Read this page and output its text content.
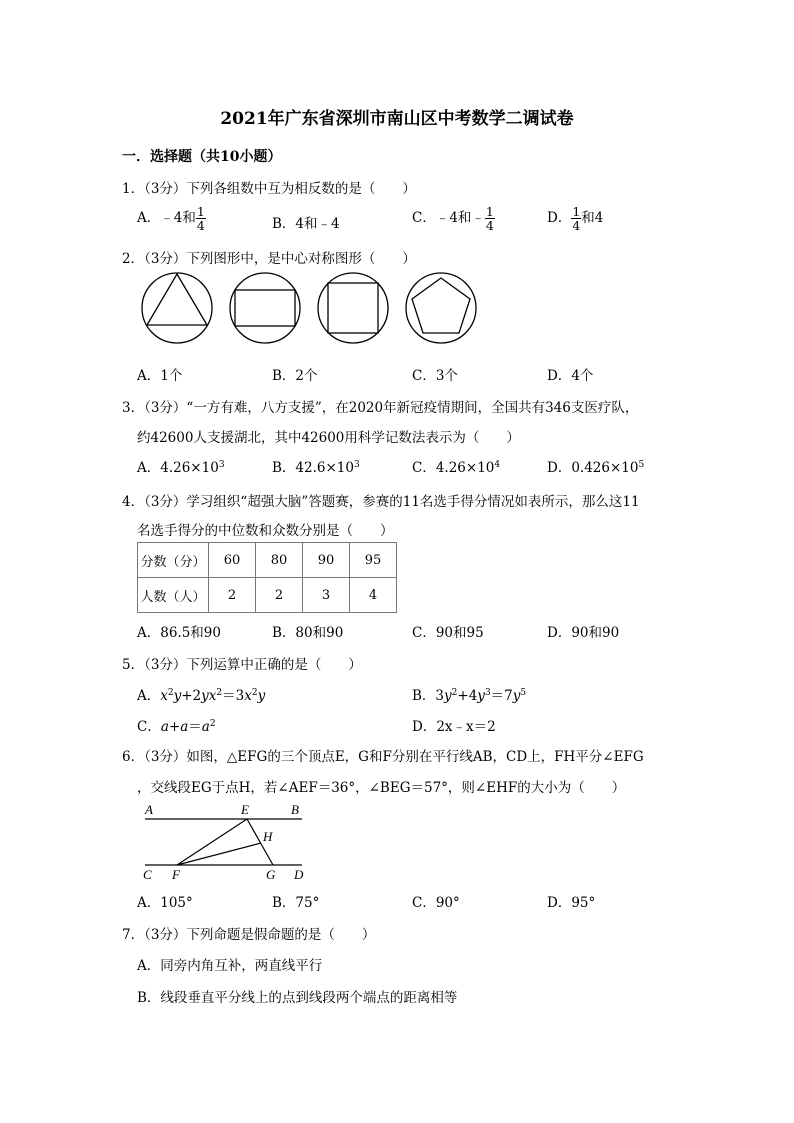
2021年广东省深圳市南山区中考数学二调试卷
一．选择题（共10小题）
1．（3分）下列各组数中互为相反数的是（　　）
A．﹣4和 $\frac{1}{4}$	B．4和﹣4	C．﹣4和﹣ $\frac{1}{4}$	D． $\frac{1}{4}$ 和4
2．（3分）下列图形中，是中心对称图形（　　）
A．1个	B．2个	C．3个	D．4个
3．（3分）“一方有难，八方支援”，在2020年新冠疫情期间，全国共有346支医疗队，
约42600人支援湖北，其中42600用科学记数法表示为（　　）
A．$4.26\times 10^3$	B．$42.6\times 10^3$	C．$4.26\times 10^4$	D．$0.426\times 10^5$
4．（3分）学习组织“超强大脑”答题赛，参赛的11名选手得分情况如表所示，那么这11
名选手得分的中位数和众数分别是（　　）
分数（分）	60	80	90	95
人数（人）	2	2	3	4
A．86.5和90	B．80和90	C．90和95	D．90和90
5．（3分）下列运算中正确的是（　　）
A．$x^2y+2yx^2=3x^2y$	B．$3y^2+4y^3=7y^5$
C．$a+a=a^2$	D．2x﹣x＝2
6．（3分）如图，△EFG的三个顶点E，G和F分别在平行线AB，CD上，FH平分∠EFG
，交线段EG于点H，若∠AEF＝36°，∠BEG＝57°，则∠EHF的大小为（　　）
A	E	B
H
C F	G D
A．105°	B．75°	C．90°	D．95°
7．（3分）下列命题是假命题的是（　　）
A．同旁内角互补，两直线平行
B．线段垂直平分线上的点到线段两个端点的距离相等
